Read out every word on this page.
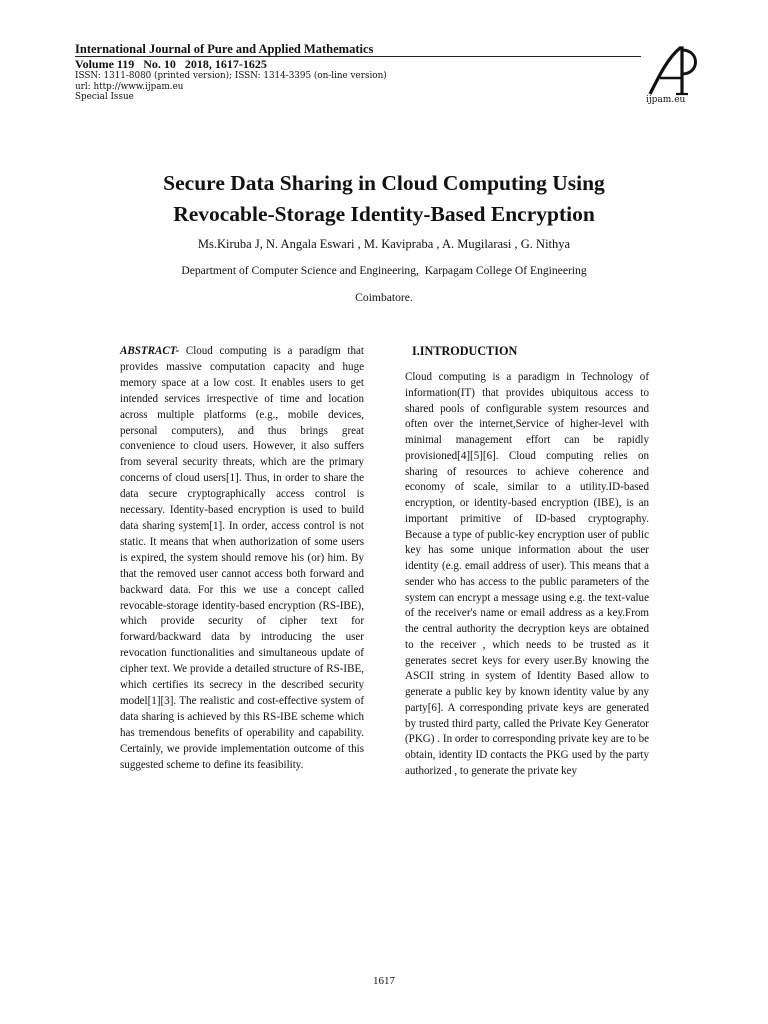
International Journal of Pure and Applied Mathematics
Volume 119   No. 10   2018, 1617-1625
ISSN: 1311-8080 (printed version); ISSN: 1314-3395 (on-line version)
url: http://www.ijpam.eu
Special Issue	ijpam.eu
Secure Data Sharing in Cloud Computing Using
Revocable-Storage Identity-Based Encryption
Ms.Kiruba J, N. Angala Eswari , M. Kavipraba , A. Mugilarasi , G. Nithya
Department of Computer Science and Engineering,  Karpagam College Of Engineering
Coimbatore.
ABSTRACT- Cloud computing is a paradigm that provides massive computation capacity and huge memory space at a low cost. It enables users to get intended services irrespective of time and location across multiple platforms (e.g., mobile devices, personal computers), and thus brings great convenience to cloud users. However, it also suffers from several security threats, which are the primary concerns of cloud users[1]. Thus, in order to share the data secure cryptographically access control is necessary. Identity-based encryption is used to build data sharing system[1]. In order, access control is not static. It means that when authorization of some users is expired, the system should remove his (or) him. By that the removed user cannot access both forward and backward data. For this we use a concept called revocable-storage identity-based encryption (RS-IBE), which provide security of cipher text for forward/backward data by introducing the user revocation functionalities and simultaneous update of cipher text. We provide a detailed structure of RS-IBE, which certifies its secrecy in the described security model[1][3]. The realistic and cost-effective system of data sharing is achieved by this RS-IBE scheme which has tremendous benefits of operability and capability. Certainly, we provide implementation outcome of this suggested scheme to define its feasibility.
I.INTRODUCTION
Cloud computing is a paradigm in Technology of information(IT) that provides ubiquitous access to shared pools of configurable system resources and often over the internet,Service of higher-level with minimal management effort can be rapidly provisioned[4][5][6]. Cloud computing relies on sharing of resources to achieve coherence and economy of scale, similar to a utility.ID-based encryption, or identity-based encryption (IBE), is an important primitive of ID-based cryptography. Because a type of public-key encryption user of public key has some unique information about the user identity (e.g. email address of user). This means that a sender who has access to the public parameters of the system can encrypt a message using e.g. the text-value of the receiver's name or email address as a key.From the central authority the decryption keys are obtained to the receiver , which needs to be trusted as it generates secret keys for every user.By knowing the ASCII string in system of Identity Based allow to generate a public key by known identity value by any party[6]. A corresponding private keys are generated by trusted third party, called the Private Key Generator (PKG) . In order to corresponding private key are to be obtain, identity ID contacts the PKG used by the party authorized , to generate the private key
1617
